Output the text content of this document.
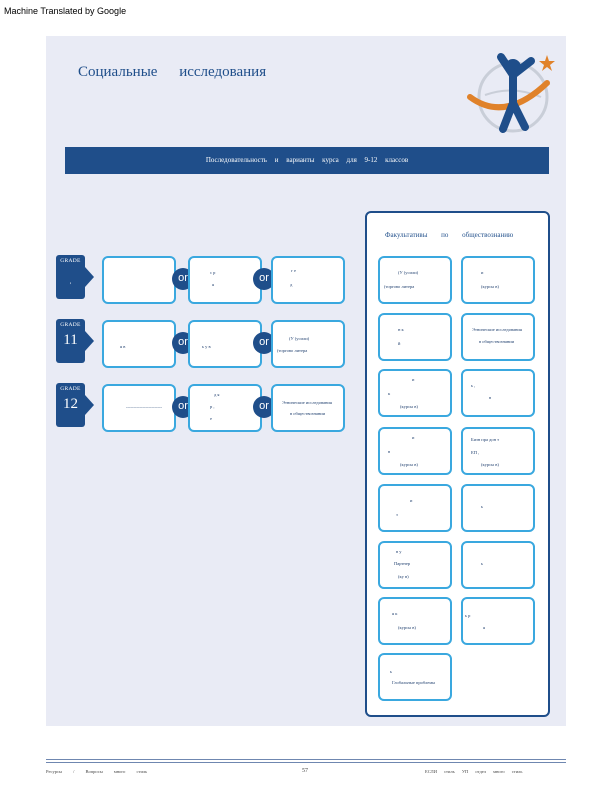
Machine Translated by Google
Социальные исследования
Последовательность и варианты курса для 9-12 классов
GRADE
,	or	с р
я
or
г е
д
GRADE
11	я в	or	ь у в	or	(У (усили)
(торгово литера
GRADE
12	------------------------	or
д я
р ,
е
or	Этнические исследования
в обществознании
Факультативы по обществознанию
(У (усили)
(торгово литера
и
(курсы в)
н к
й
Этнические исследования
в обществознании
и
к
(курсы в)
ь ,
в
и
в
(курсы в)
Бизн пра дон т
ЕП ,
(курсы в)
и
з
ь
в у
Партнер
(ку в)
ь
я к
(курсы в)
ь р
я
ь
Глобальные проблемы
Ресурсы / Вопросы много стиль	57	ЕСЛИ стиль УП отдел много стиль
